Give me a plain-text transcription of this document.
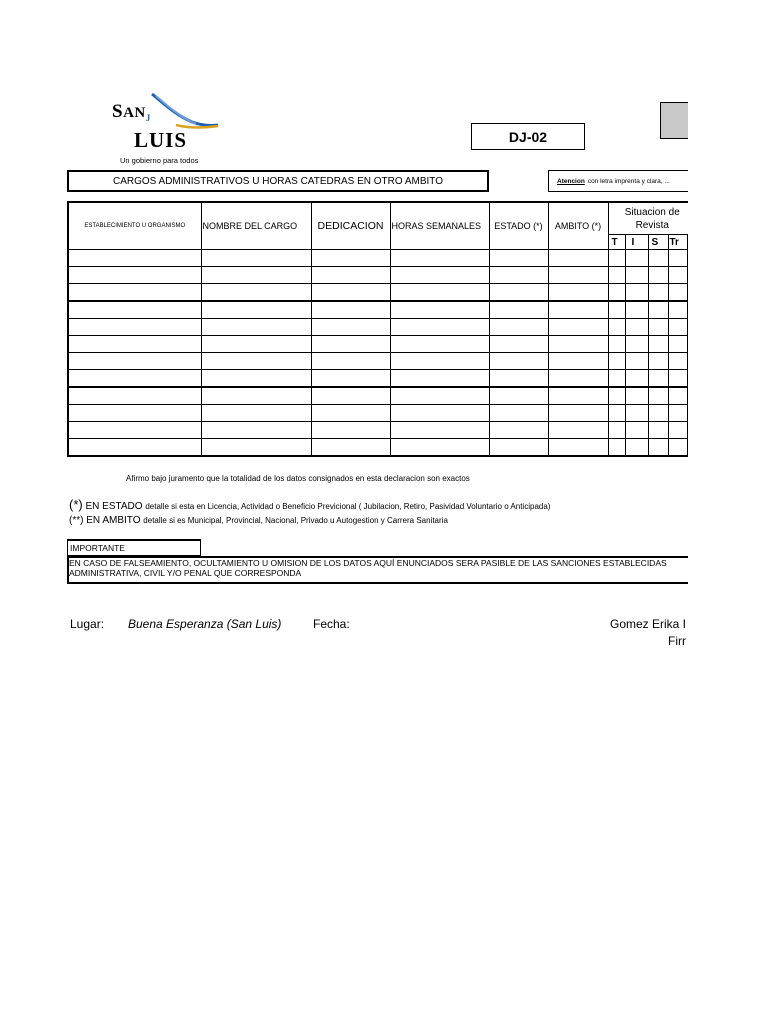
$SAN_J$
LUIS
Un gobierno para todos
DJ-02
CARGOS ADMINISTRATIVOS U HORAS CATEDRAS EN OTRO AMBITO	Atencion con letra imprenta y clara, ...
ESTABLECIMIENTO U ORGANISMO	NOMBRE DEL CARGO	DEDICACION	HORAS SEMANALES	ESTADO (*)	AMBITO (*)	Situacion de Revista				
						T	I	S	Tr	

Afirmo bajo juramento que la totalidad de los datos consignados en esta declaracion son exactos
(*) EN ESTADO detalle si esta en Licencia, Actividad o Beneficio Previcional ( Jubilacion, Retiro, Pasividad Voluntario o Anticipada)
(**) EN AMBITO detalle si es Municipal, Provincial, Nacional, Privado u Autogestion y Carrera Sanitaria
IMPORTANTE
EN CASO DE FALSEAMIENTO, OCULTAMIENTO U OMISION DE LOS DATOS AQUÍ ENUNCIADOS SERA PASIBLE DE LAS SANCIONES ESTABLECIDAS
ADMINISTRATIVA, CIVIL Y/O PENAL QUE CORRESPONDA
Lugar: Buena Esperanza (San Luis)	Fecha:	Gomez Erika I
Firr
